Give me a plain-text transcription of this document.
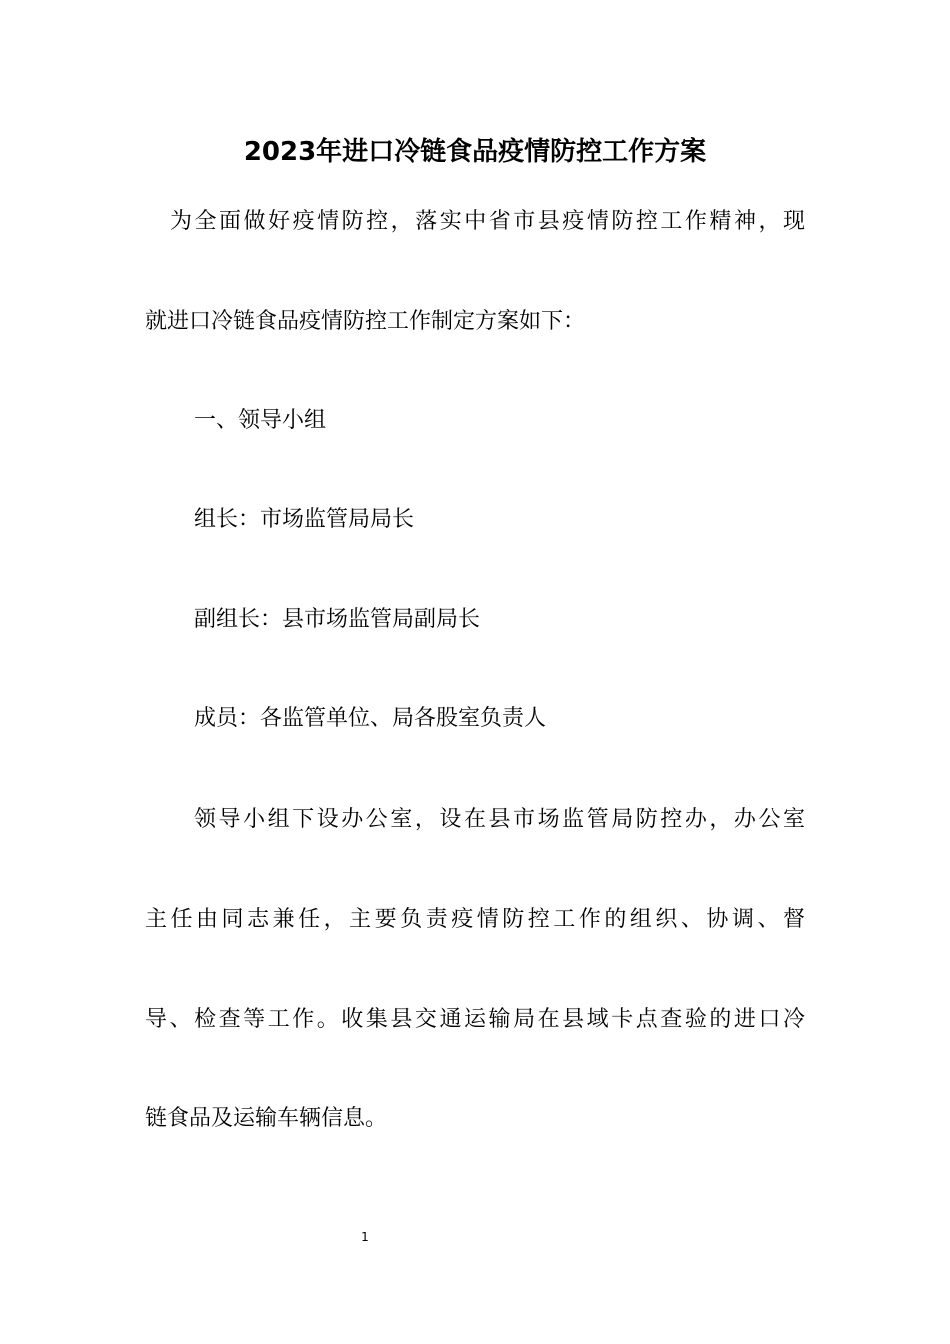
2023年进口冷链食品疫情防控工作方案

为全面做好疫情防控，落实中省市县疫情防控工作精神，现

就进口冷链食品疫情防控工作制定方案如下：

一、领导小组

组长：市场监管局局长

副组长：县市场监管局副局长

成员：各监管单位、局各股室负责人

领导小组下设办公室，设在县市场监管局防控办，办公室

主任由同志兼任，主要负责疫情防控工作的组织、协调、督

导、检查等工作。收集县交通运输局在县域卡点查验的进口冷

链食品及运输车辆信息。

1
